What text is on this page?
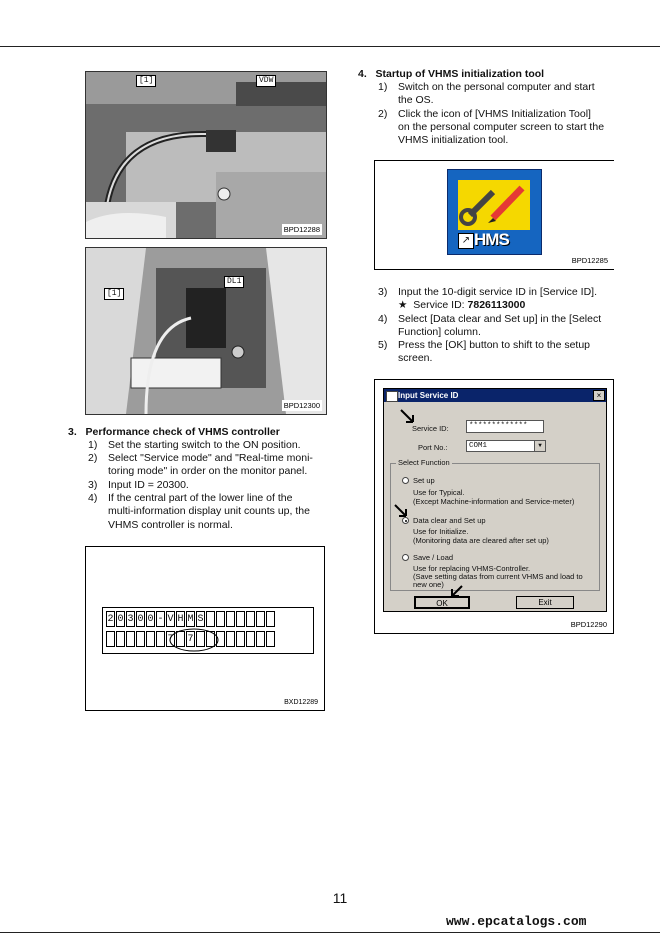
[1]	VDW
BPD12288
[1]
DL1
BPD12300
3.   Performance check of VHMS controller
1) Set the starting switch to the ON position.
2) Select "Service mode" and "Real-time moni-
toring mode" in order on the monitor panel.
3) Input ID = 20300.
4) If the central part of the lower line of the
multi-information display unit counts up, the
VHMS controller is normal.
2 0 3 0 0 - V H M S
7 7
BXD12289
4.   Startup of VHMS initialization tool
1) Switch on the personal computer and start
the OS.
2) Click the icon of [VHMS Initialization Tool]
on the personal computer screen to start the
VHMS initialization tool.
↗ HMS
BPD12285
3) Input the 10-digit service ID in [Service ID].
★  Service ID: 7826113000
4) Select [Data clear and Set up] in the [Select
Function] column.
5) Press the [OK] button to shift to the setup
screen.
Input Service ID	×
Service ID:	*************
Port No.:	COM1	▼
Select Function
Set up
Use for Typical.
(Except Machine-information and Service-meter)
Data clear and Set up
Use for Initialize.
(Monitoring data are cleared after set up)
Save / Load
Use for replacing VHMS-Controller.
(Save setting datas from current VHMS and load to
new one)
OK	Exit
BPD12290
11
www.epcatalogs.com
